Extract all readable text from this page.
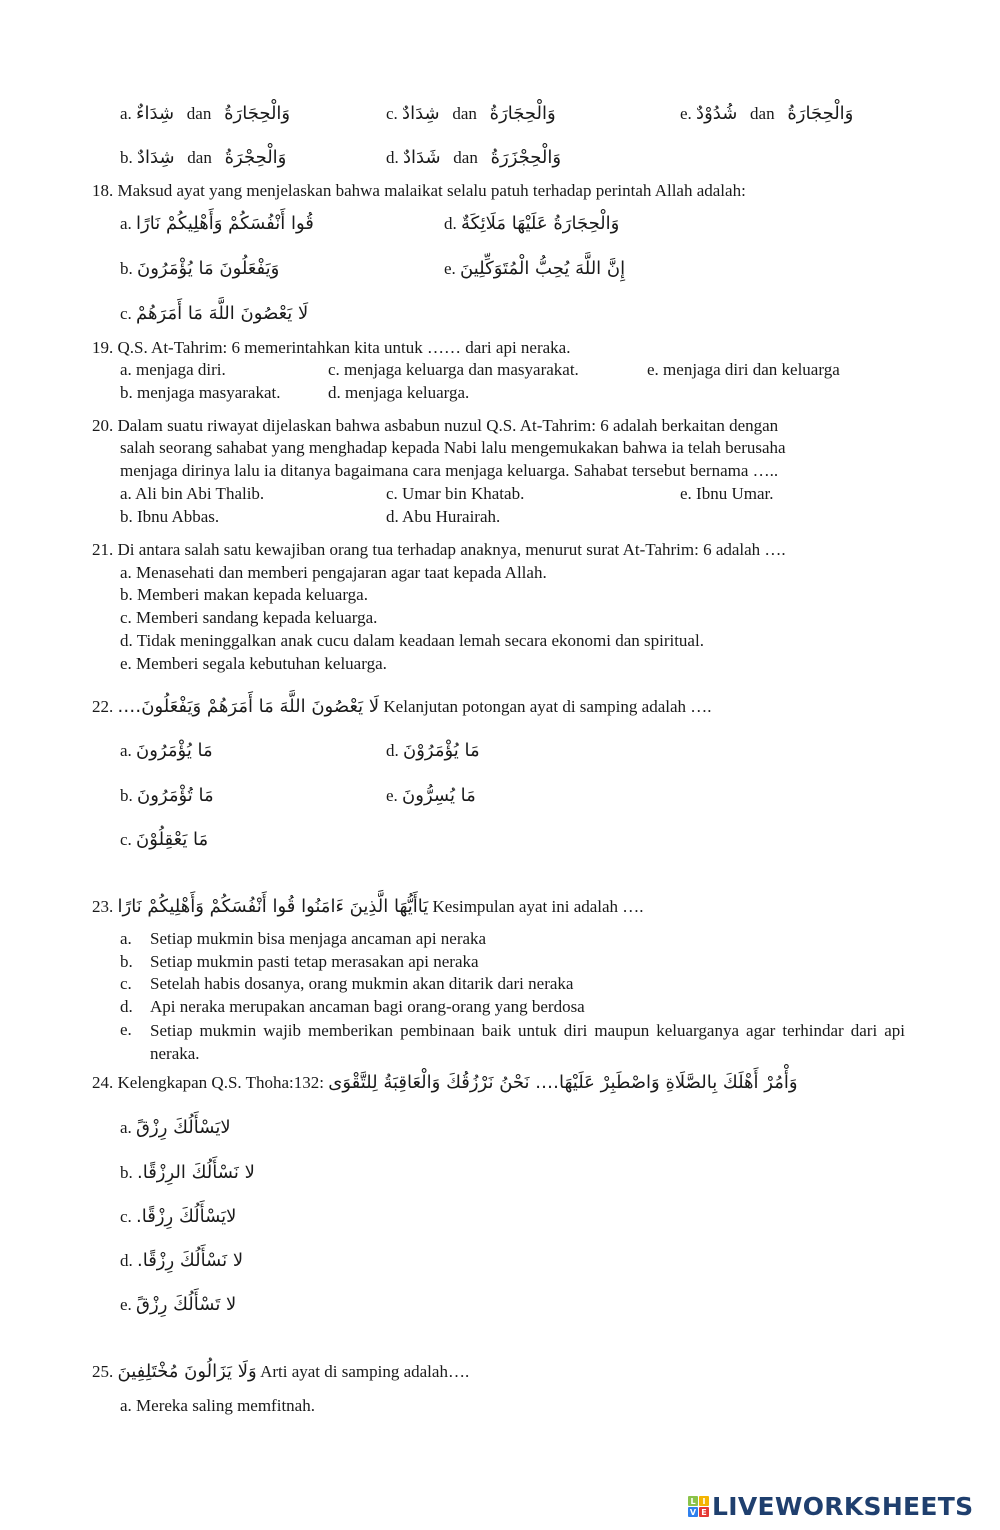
a. شِدَاءٌ dan وَالْحِجَارَةُ	c. شِدَادٌ dan وَالْحِجَارَةُ	e. شُدُوْدٌ dan وَالْحِجَارَةُ
b. شِدَادٌ dan وَالْحِجْرَةُ	d. شَدَادٌ dan وَالْحِجْزَرَةُ
18. Maksud ayat yang menjelaskan bahwa malaikat selalu patuh terhadap perintah Allah adalah:
a. قُوا أَنْفُسَكُمْ وَأَهْلِيكُمْ نَارًا	d. وَالْحِجَارَةُ عَلَيْهَا مَلَائِكَةٌ
b. وَيَفْعَلُونَ مَا يُؤْمَرُونَ	e. إِنَّ اللَّهَ يُحِبُّ الْمُتَوَكِّلِينَ
c. لَا يَعْصُونَ اللَّهَ مَا أَمَرَهُمْ
19. Q.S. At-Tahrim: 6 memerintahkan kita untuk …… dari api neraka.
a. menjaga diri.	c. menjaga keluarga dan masyarakat.	e. menjaga diri dan keluarga
b. menjaga masyarakat.	d. menjaga keluarga.
20. Dalam suatu riwayat dijelaskan bahwa asbabun nuzul Q.S. At-Tahrim: 6 adalah berkaitan dengan
salah seorang sahabat yang menghadap kepada Nabi lalu mengemukakan bahwa ia telah berusaha
menjaga dirinya lalu ia ditanya bagaimana cara menjaga keluarga. Sahabat tersebut bernama …..
a. Ali bin Abi Thalib.	c. Umar bin Khatab.	e. Ibnu Umar.
b. Ibnu Abbas.	d. Abu Hurairah.
21. Di antara salah satu kewajiban orang tua terhadap anaknya, menurut surat At-Tahrim: 6 adalah ….
a. Menasehati dan memberi pengajaran agar taat kepada Allah.
b. Memberi makan kepada keluarga.
c. Memberi sandang kepada keluarga.
d. Tidak meninggalkan anak cucu dalam keadaan lemah secara ekonomi dan spiritual.
e. Memberi segala kebutuhan keluarga.
22. لَا يَعْصُونَ اللَّهَ مَا أَمَرَهُمْ وَيَفْعَلُونَ…. Kelanjutan potongan ayat di samping adalah ….
a. مَا يُؤْمَرُونَ	d. مَا يُؤْمَرُوْنَ
b. مَا تُؤْمَرُونَ	e. مَا يُسِرُّونَ
c. مَا يَعْقِلُوْنَ
23. يَاأَيُّهَا الَّذِينَ ءَامَنُوا قُوا أَنْفُسَكُمْ وَأَهْلِيكُمْ نَارًا Kesimpulan ayat ini adalah ….
a. Setiap mukmin bisa menjaga ancaman api neraka
b. Setiap mukmin pasti tetap merasakan api neraka
c. Setelah habis dosanya, orang mukmin akan ditarik dari neraka
d. Api neraka merupakan ancaman bagi orang-orang yang berdosa
e.	Setiap mukmin wajib memberikan pembinaan baik untuk diri maupun keluarganya agar terhindar dari api neraka.
24. Kelengkapan Q.S. Thoha:132: وَأْمُرْ أَهْلَكَ بِالصَّلَاةِ وَاصْطَبِرْ عَلَيْهَا…. نَحْنُ نَرْزُقُكَ وَالْعَاقِبَةُ لِلتَّقْوَى
a. لايَسْأَلُكَ رِزْقً
b. لا نَسْأَلُكَ الرِزْقًا.
c. لايَسْأَلُكَ رِزْقًا.
d. لا نَسْأَلُكَ رِزْقًا.
e. لا تَسْأَلُكَ رِزْقً
25. وَلَا يَزَالُونَ مُخْتَلِفِينَ Arti ayat di samping adalah….
a. Mereka saling memfitnah.
L I
V E LIVEWORKSHEETS
